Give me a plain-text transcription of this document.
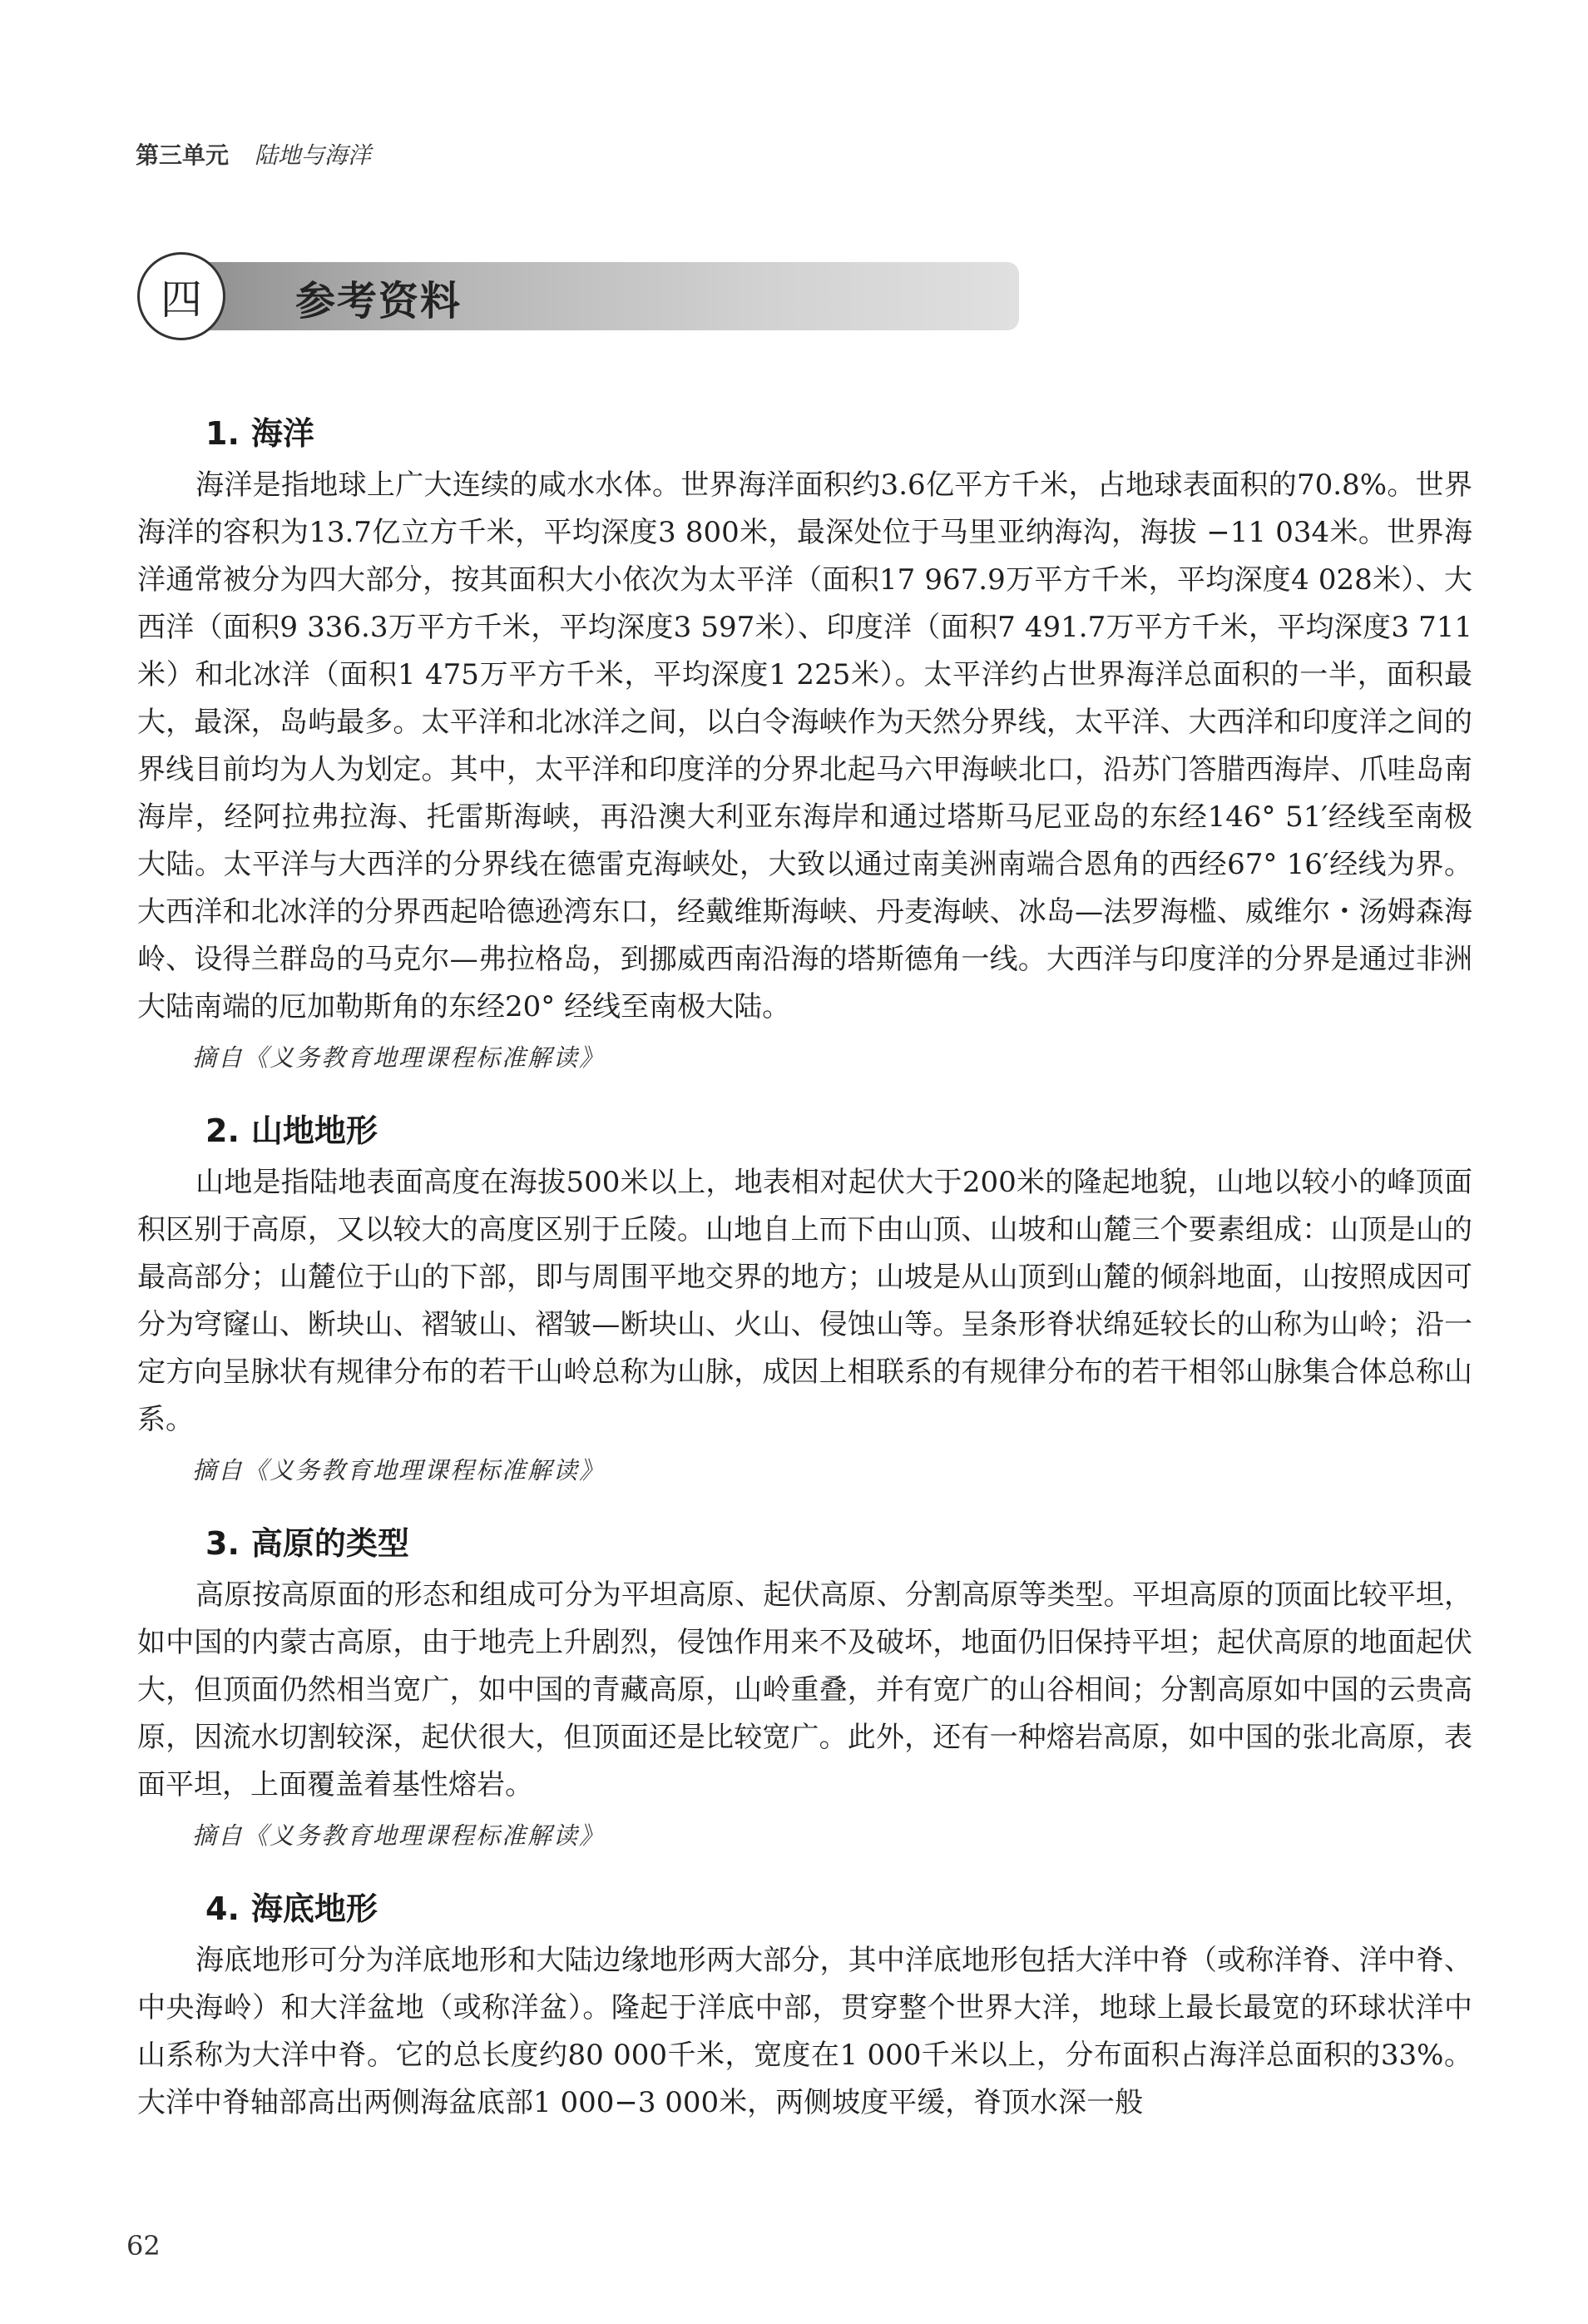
第三单元 陆地与海洋
四	参考资料
1. 海洋

海洋是指地球上广大连续的咸水水体。世界海洋面积约3.6亿平方千米，占地球表面积的70.8%。世界海洋的容积为13.7亿立方千米，平均深度3 800米，最深处位于马里亚纳海沟，海拔 −11 034米。世界海洋通常被分为四大部分，按其面积大小依次为太平洋（面积17 967.9万平方千米，平均深度4 028米）、大西洋（面积9 336.3万平方千米，平均深度3 597米）、印度洋（面积7 491.7万平方千米，平均深度3 711米）和北冰洋（面积1 475万平方千米，平均深度1 225米）。太平洋约占世界海洋总面积的一半，面积最大，最深，岛屿最多。太平洋和北冰洋之间，以白令海峡作为天然分界线，太平洋、大西洋和印度洋之间的界线目前均为人为划定。其中，太平洋和印度洋的分界北起马六甲海峡北口，沿苏门答腊西海岸、爪哇岛南海岸，经阿拉弗拉海、托雷斯海峡，再沿澳大利亚东海岸和通过塔斯马尼亚岛的东经146° 51′经线至南极大陆。太平洋与大西洋的分界线在德雷克海峡处，大致以通过南美洲南端合恩角的西经67° 16′经线为界。大西洋和北冰洋的分界西起哈德逊湾东口，经戴维斯海峡、丹麦海峡、冰岛—法罗海槛、威维尔・汤姆森海岭、设得兰群岛的马克尔—弗拉格岛，到挪威西南沿海的塔斯德角一线。大西洋与印度洋的分界是通过非洲大陆南端的厄加勒斯角的东经20° 经线至南极大陆。

摘自《义务教育地理课程标准解读》
2. 山地地形

山地是指陆地表面高度在海拔500米以上，地表相对起伏大于200米的隆起地貌，山地以较小的峰顶面积区别于高原，又以较大的高度区别于丘陵。山地自上而下由山顶、山坡和山麓三个要素组成：山顶是山的最高部分；山麓位于山的下部，即与周围平地交界的地方；山坡是从山顶到山麓的倾斜地面，山按照成因可分为穹窿山、断块山、褶皱山、褶皱—断块山、火山、侵蚀山等。呈条形脊状绵延较长的山称为山岭；沿一定方向呈脉状有规律分布的若干山岭总称为山脉，成因上相联系的有规律分布的若干相邻山脉集合体总称山系。

摘自《义务教育地理课程标准解读》
3. 高原的类型

高原按高原面的形态和组成可分为平坦高原、起伏高原、分割高原等类型。平坦高原的顶面比较平坦，如中国的内蒙古高原，由于地壳上升剧烈，侵蚀作用来不及破坏，地面仍旧保持平坦；起伏高原的地面起伏大，但顶面仍然相当宽广，如中国的青藏高原，山岭重叠，并有宽广的山谷相间；分割高原如中国的云贵高原，因流水切割较深，起伏很大，但顶面还是比较宽广。此外，还有一种熔岩高原，如中国的张北高原，表面平坦，上面覆盖着基性熔岩。

摘自《义务教育地理课程标准解读》
4. 海底地形

海底地形可分为洋底地形和大陆边缘地形两大部分，其中洋底地形包括大洋中脊（或称洋脊、洋中脊、中央海岭）和大洋盆地（或称洋盆）。隆起于洋底中部，贯穿整个世界大洋，地球上最长最宽的环球状洋中山系称为大洋中脊。它的总长度约80 000千米，宽度在1 000千米以上，分布面积占海洋总面积的33%。大洋中脊轴部高出两侧海盆底部1 000−3 000米，两侧坡度平缓，脊顶水深一般

62
